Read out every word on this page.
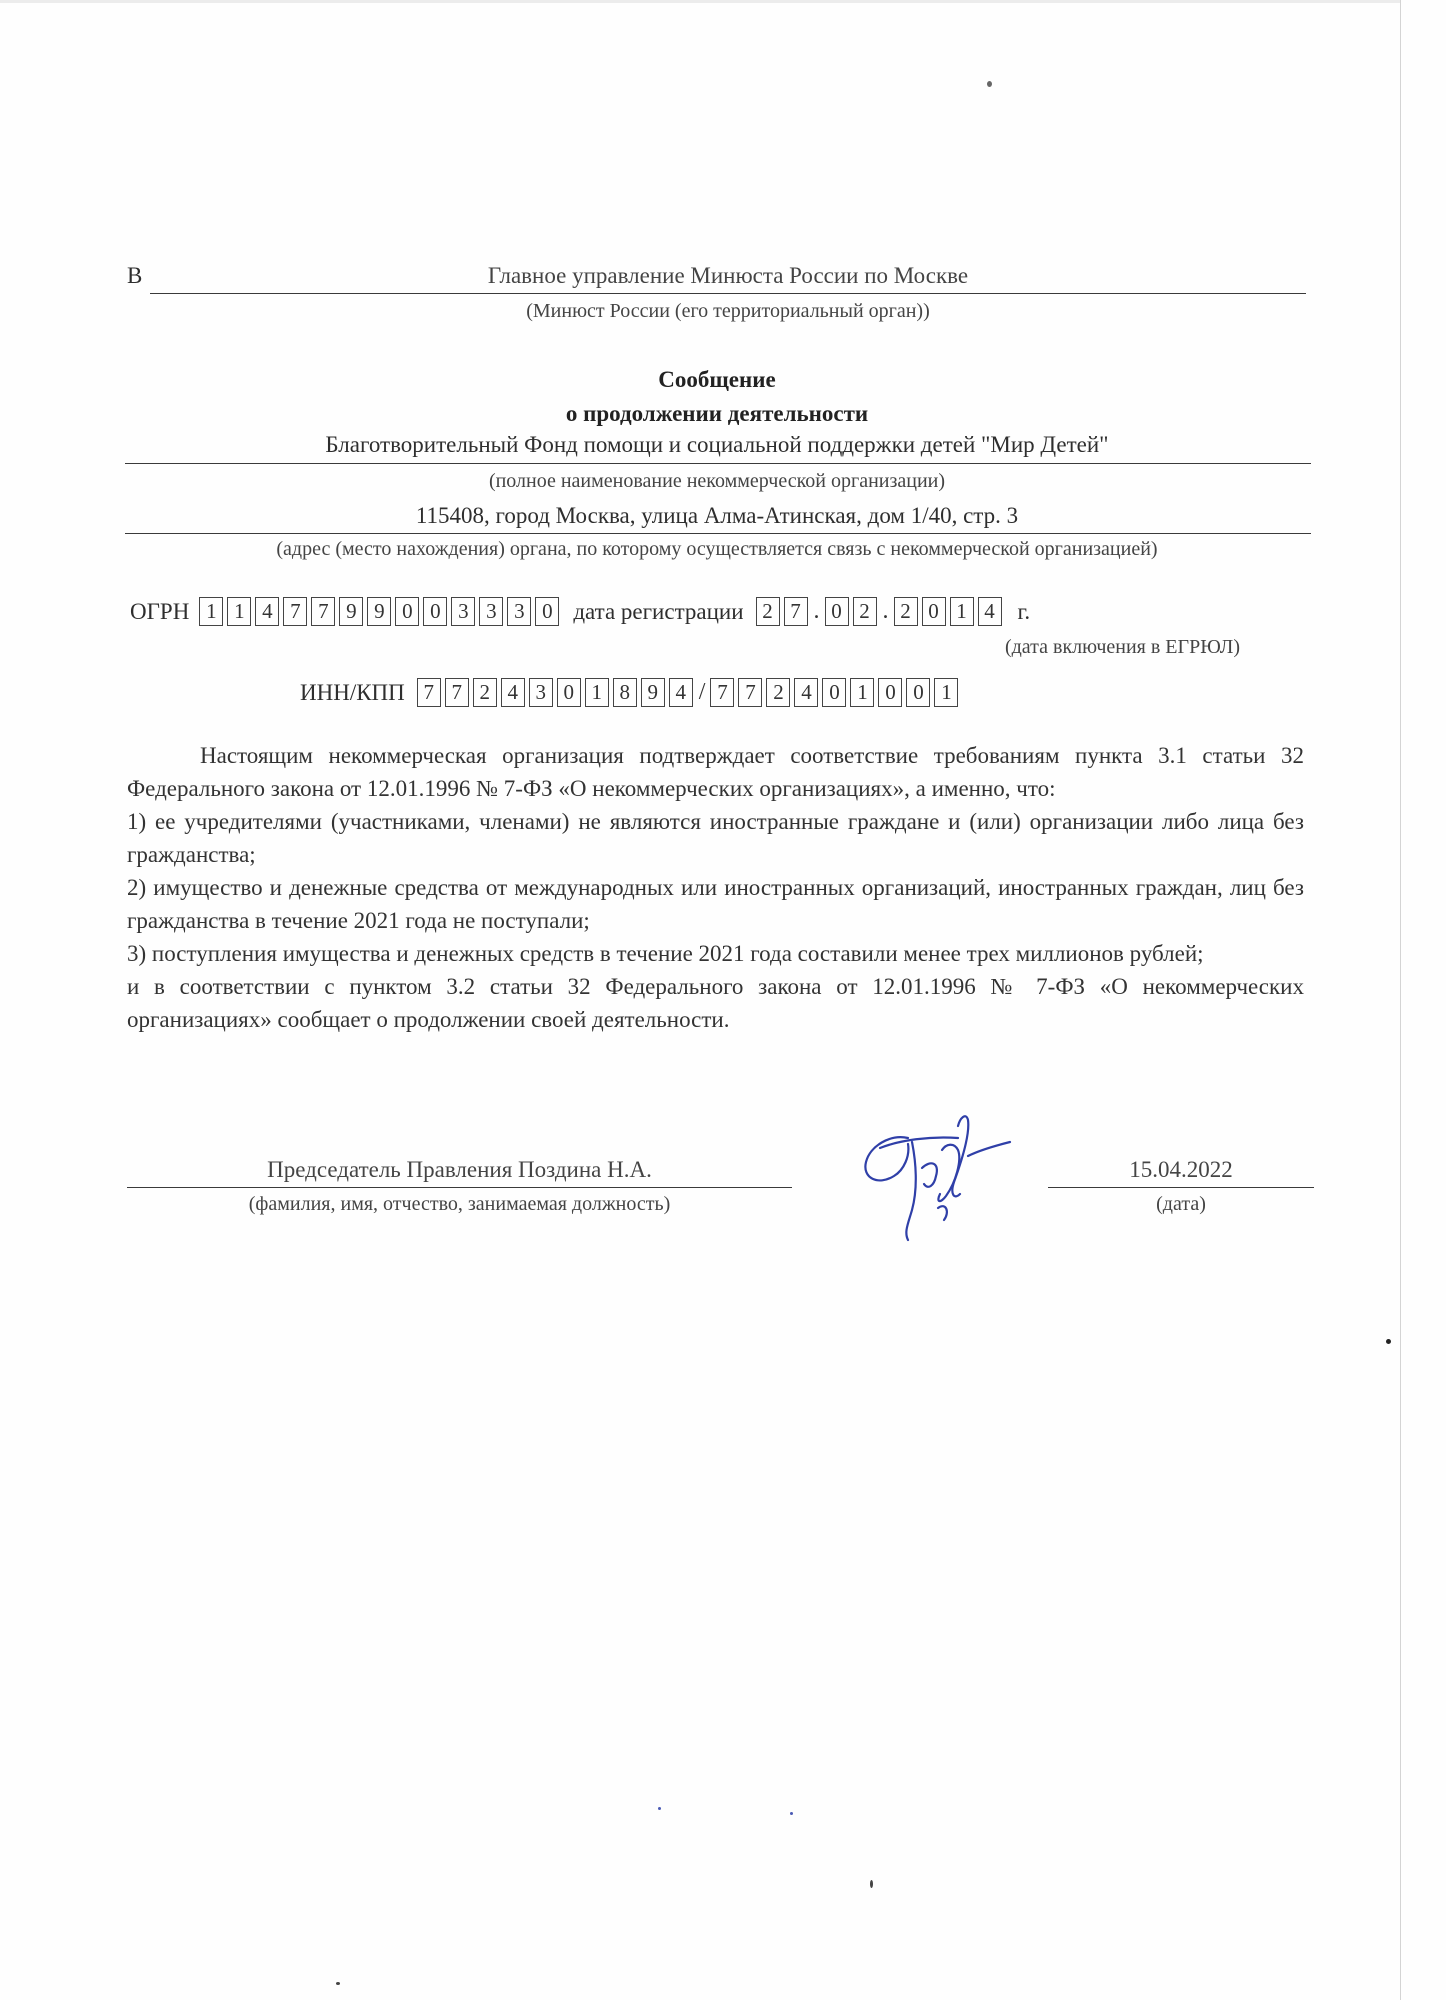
В	Главное управление Минюста России по Москве
(Минюст России (его территориальный орган))
Сообщение
о продолжении деятельности
Благотворительный Фонд помощи и социальной поддержки детей "Мир Детей"
(полное наименование некоммерческой организации)
115408, город Москва, улица Алма-Атинская, дом 1/40, стр. 3
(адрес (место нахождения) органа, по которому осуществляется связь с некоммерческой организацией)
ОГРН 1 1 4 7 7 9 9 0 0 3 3 3 0 дата регистрации 2 7 . 0 2 . 2 0 1 4 г.
(дата включения в ЕГРЮЛ)
ИНН/КПП 7 7 2 4 3 0 1 8 9 4 / 7 7 2 4 0 1 0 0 1

Настоящим некоммерческая организация подтверждает соответствие требованиям пункта 3.1 статьи 32 Федерального закона от 12.01.1996 № 7-ФЗ «О некоммерческих организациях», а именно, что:

1) ее учредителями (участниками, членами) не являются иностранные граждане и (или) организации либо лица без гражданства;

2) имущество и денежные средства от международных или иностранных организаций, иностранных граждан, лиц без гражданства в течение 2021 года не поступали;

3) поступления имущества и денежных средств в течение 2021 года составили менее трех миллионов рублей;

и в соответствии с пунктом 3.2 статьи 32 Федерального закона от 12.01.1996 № 7-ФЗ «О некоммерческих организациях» сообщает о продолжении своей деятельности.

Председатель Правления Поздина Н.А.
(фамилия, имя, отчество, занимаемая должность)
15.04.2022
(дата)
